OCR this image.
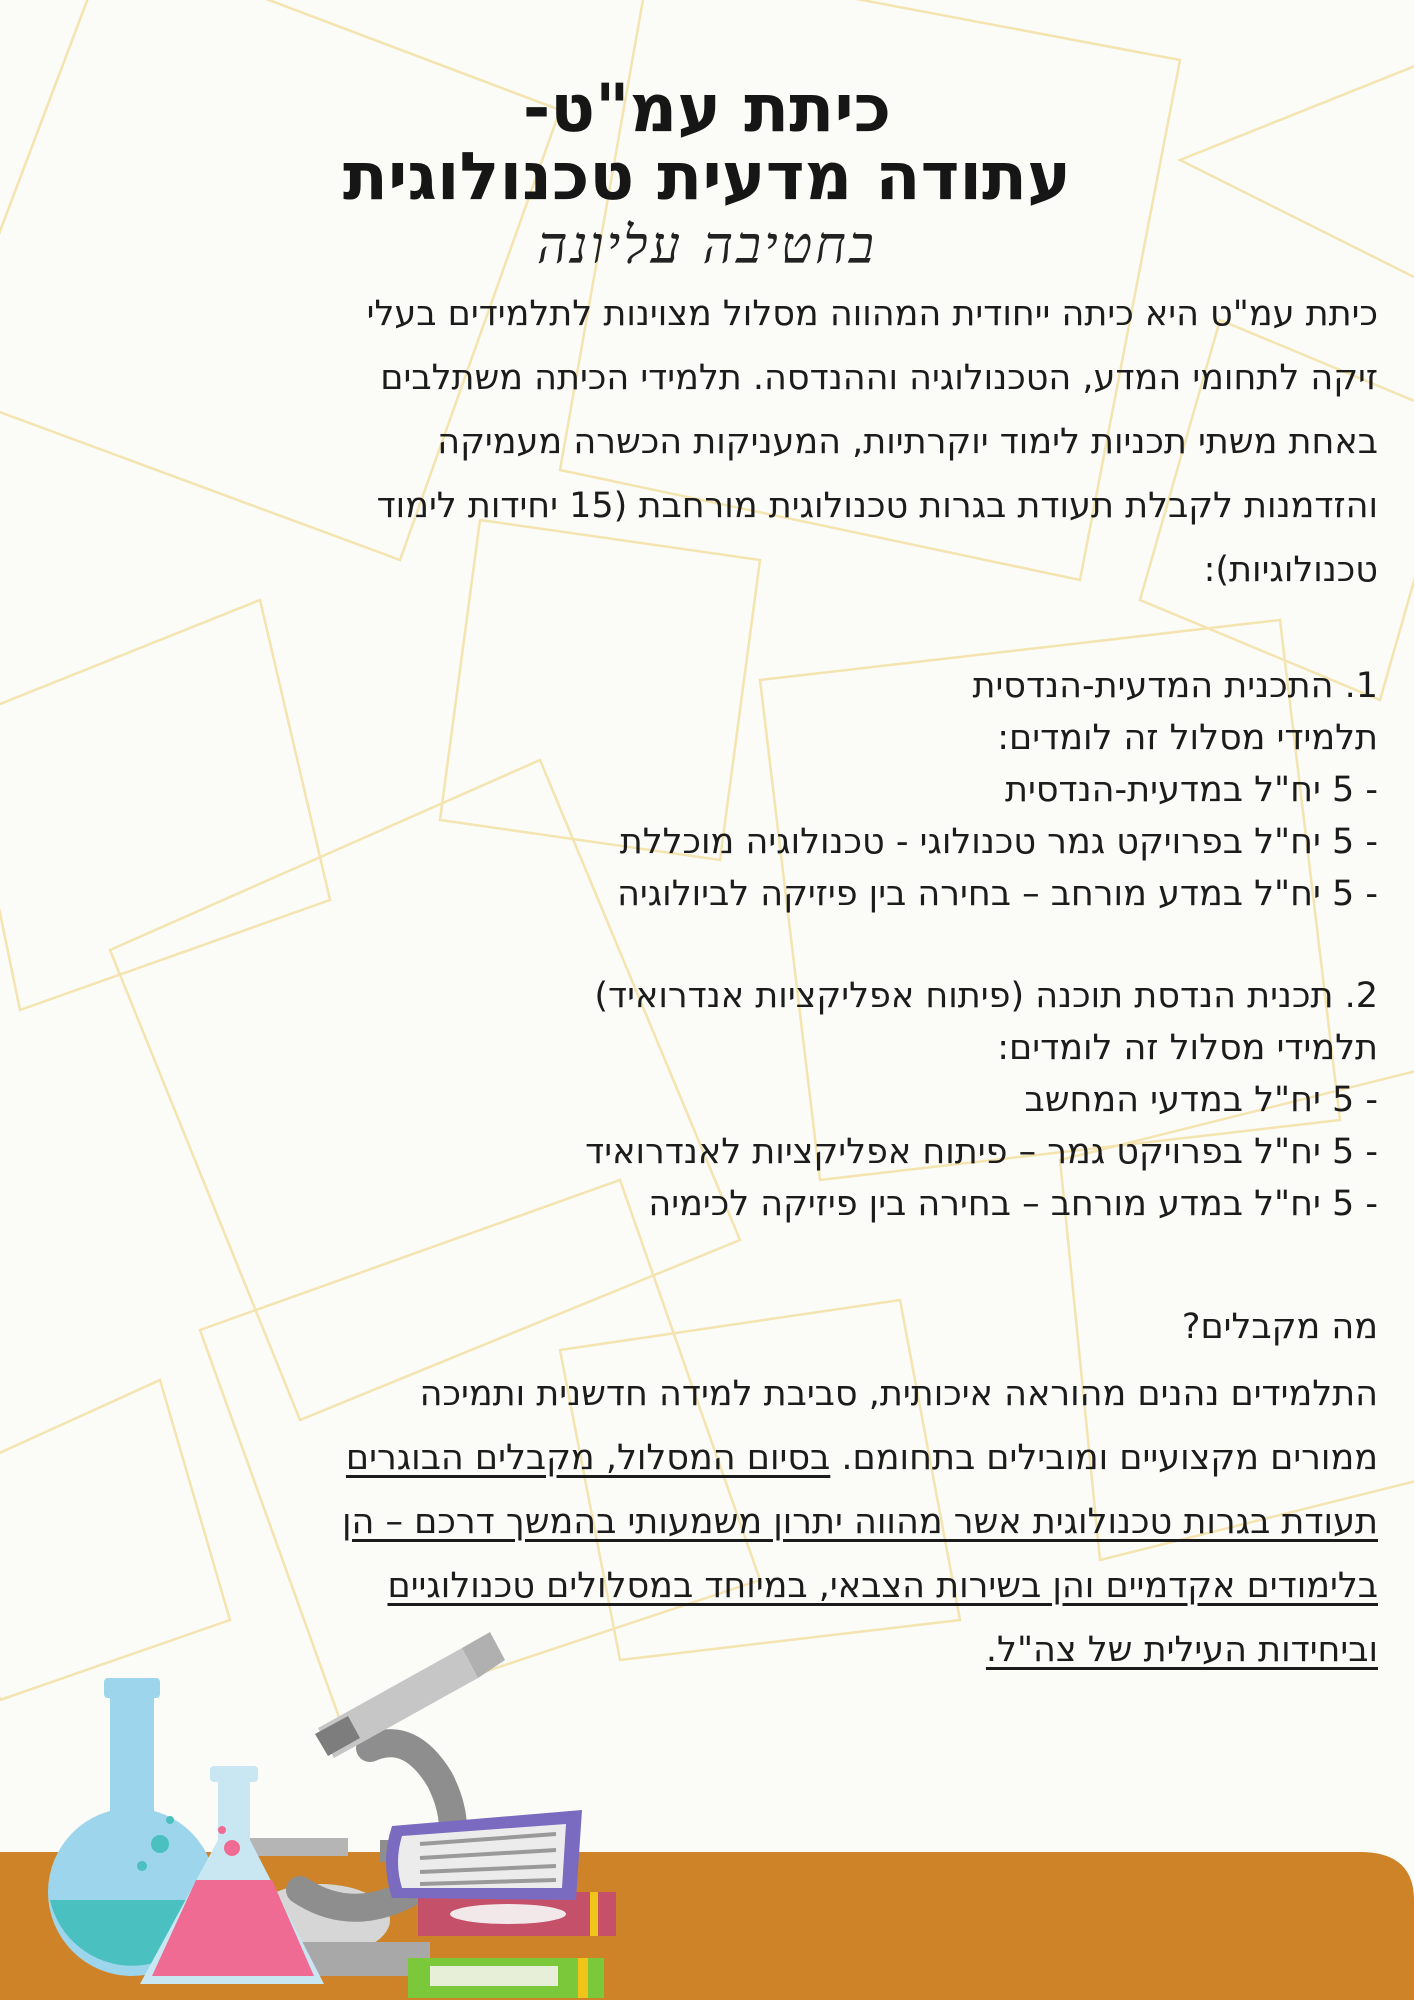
כיתת עמ"ט-
עתודה מדעית טכנולוגית
בחטיבה עליונה
כיתת עמ"ט היא כיתה ייחודית המהווה מסלול מצוינות לתלמידים בעלי
זיקה לתחומי המדע, הטכנולוגיה וההנדסה. תלמידי הכיתה משתלבים
באחת משתי תכניות לימוד יוקרתיות, המעניקות הכשרה מעמיקה
והזדמנות לקבלת תעודת בגרות טכנולוגית מורחבת (15 יחידות לימוד
טכנולוגיות):
1. התכנית המדעית-הנדסית
תלמידי מסלול זה לומדים:
- 5 יח"ל במדעית-הנדסית
- 5 יח"ל בפרויקט גמר טכנולוגי - טכנולוגיה מוכללת
- 5 יח"ל במדע מורחב – בחירה בין פיזיקה לביולוגיה
2. תכנית הנדסת תוכנה (פיתוח אפליקציות אנדרואיד)
תלמידי מסלול זה לומדים:
- 5 יח"ל במדעי המחשב
- 5 יח"ל בפרויקט גמר – פיתוח אפליקציות לאנדרואיד
- 5 יח"ל במדע מורחב – בחירה בין פיזיקה לכימיה
מה מקבלים?
התלמידים נהנים מהוראה איכותית, סביבת למידה חדשנית ותמיכה
ממורים מקצועיים ומובילים בתחומם. בסיום המסלול, מקבלים הבוגרים
תעודת בגרות טכנולוגית אשר מהווה יתרון משמעותי בהמשך דרכם – הן
בלימודים אקדמיים והן בשירות הצבאי, במיוחד במסלולים טכנולוגיים
וביחידות העילית של צה"ל.
